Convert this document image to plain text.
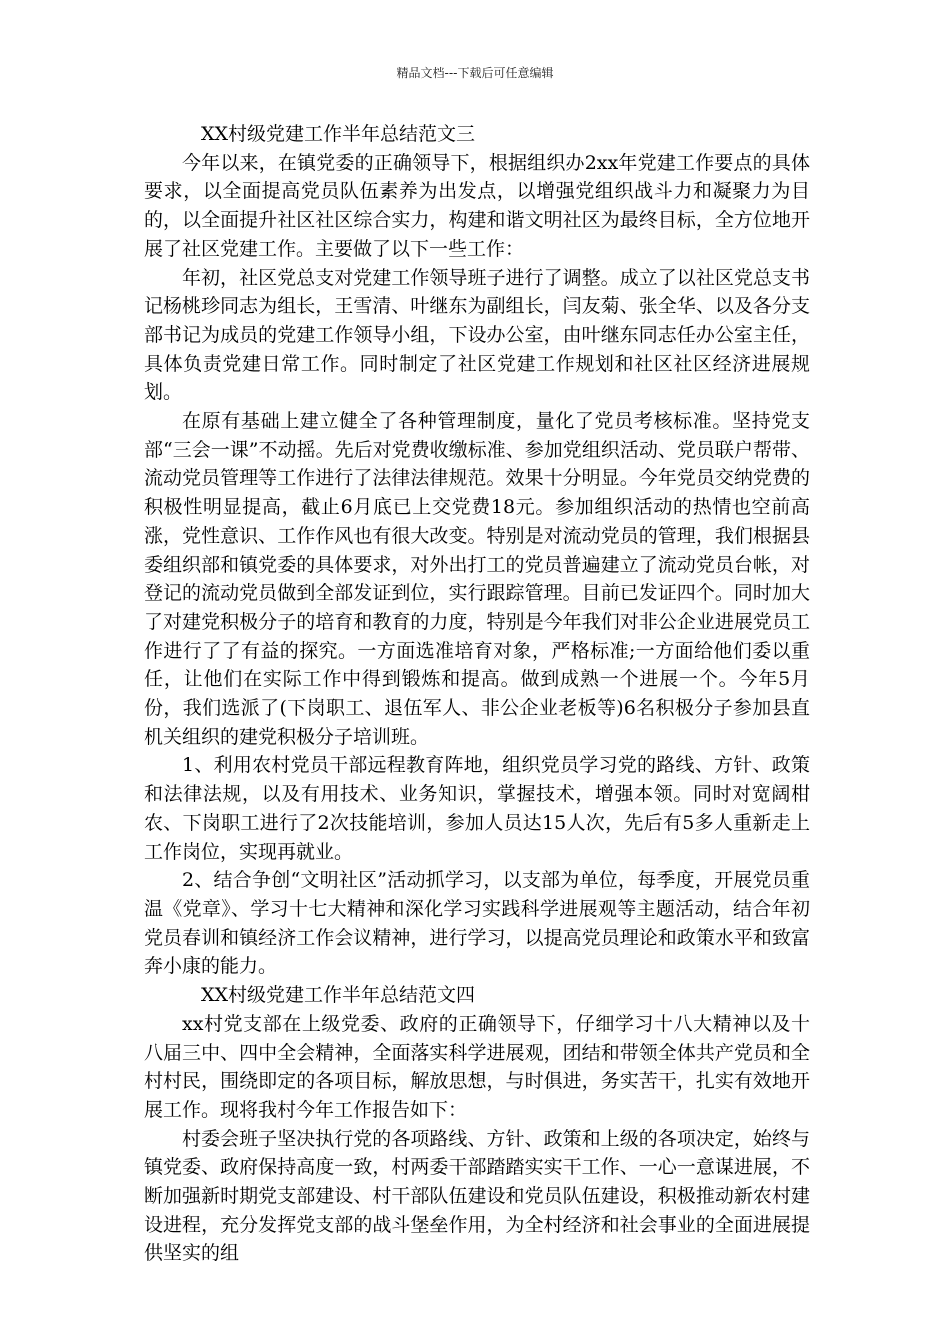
精品文档---下载后可任意编辑

XX村级党建工作半年总结范文三

今年以来，在镇党委的正确领导下，根据组织办2xx年党建工作要点的具体要求，以全面提高党员队伍素养为出发点，以增强党组织战斗力和凝聚力为目的，以全面提升社区社区综合实力，构建和谐文明社区为最终目标，全方位地开展了社区党建工作。主要做了以下一些工作：

年初，社区党总支对党建工作领导班子进行了调整。成立了以社区党总支书记杨桃珍同志为组长，王雪清、叶继东为副组长，闫友菊、张全华、以及各分支部书记为成员的党建工作领导小组，下设办公室，由叶继东同志任办公室主任，具体负责党建日常工作。同时制定了社区党建工作规划和社区社区经济进展规划。

在原有基础上建立健全了各种管理制度，量化了党员考核标准。坚持党支部“三会一课”不动摇。先后对党费收缴标准、参加党组织活动、党员联户帮带、流动党员管理等工作进行了法律法律规范。效果十分明显。今年党员交纳党费的积极性明显提高，截止6月底已上交党费18元。参加组织活动的热情也空前高涨，党性意识、工作作风也有很大改变。特别是对流动党员的管理，我们根据县委组织部和镇党委的具体要求，对外出打工的党员普遍建立了流动党员台帐，对登记的流动党员做到全部发证到位，实行跟踪管理。目前已发证四个。同时加大了对建党积极分子的培育和教育的力度，特别是今年我们对非公企业进展党员工作进行了了有益的探究。一方面选准培育对象，严格标准;一方面给他们委以重任，让他们在实际工作中得到锻炼和提高。做到成熟一个进展一个。今年5月份，我们选派了(下岗职工、退伍军人、非公企业老板等)6名积极分子参加县直机关组织的建党积极分子培训班。

1、利用农村党员干部远程教育阵地，组织党员学习党的路线、方针、政策和法律法规，以及有用技术、业务知识，掌握技术，增强本领。同时对宽阔柑农、下岗职工进行了2次技能培训，参加人员达15人次，先后有5多人重新走上工作岗位，实现再就业。

2、结合争创“文明社区”活动抓学习，以支部为单位，每季度，开展党员重温《党章》、学习十七大精神和深化学习实践科学进展观等主题活动，结合年初党员春训和镇经济工作会议精神，进行学习，以提高党员理论和政策水平和致富奔小康的能力。

XX村级党建工作半年总结范文四

xx村党支部在上级党委、政府的正确领导下，仔细学习十八大精神以及十八届三中、四中全会精神，全面落实科学进展观，团结和带领全体共产党员和全村村民，围绕即定的各项目标，解放思想，与时俱进，务实苦干，扎实有效地开展工作。现将我村今年工作报告如下：

村委会班子坚决执行党的各项路线、方针、政策和上级的各项决定，始终与镇党委、政府保持高度一致，村两委干部踏踏实实干工作、一心一意谋进展，不断加强新时期党支部建设、村干部队伍建设和党员队伍建设，积极推动新农村建设进程，充分发挥党支部的战斗堡垒作用，为全村经济和社会事业的全面进展提供坚实的组
